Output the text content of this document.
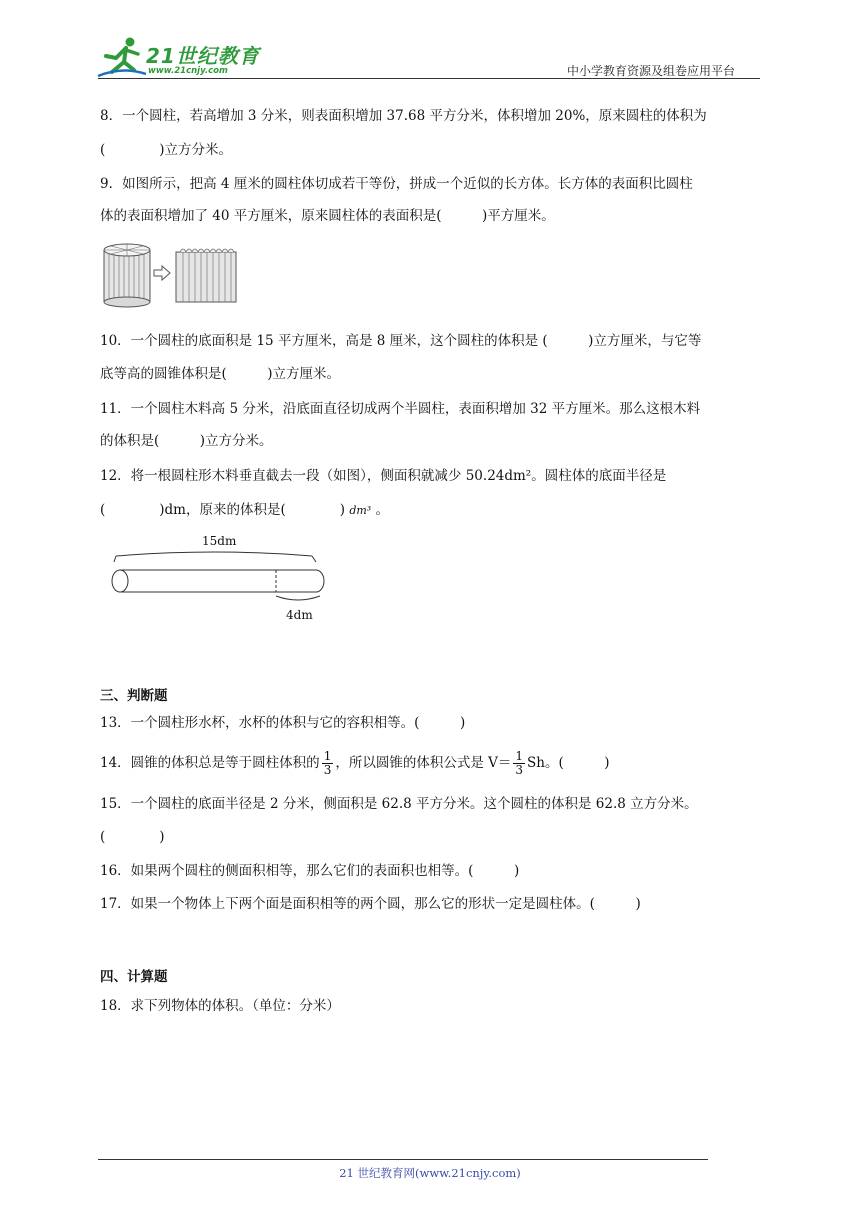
21世纪教育
www.21cnjy.com	中小学教育资源及组卷应用平台
8．一个圆柱，若高增加 3 分米，则表面积增加 37.68 平方分米，体积增加 20%，原来圆柱的体积为
(　　　　)立方分米。
9．如图所示，把高 4 厘米的圆柱体切成若干等份，拼成一个近似的长方体。长方体的表面积比圆柱
体的表面积增加了 40 平方厘米，原来圆柱体的表面积是(　　　)平方厘米。
10．一个圆柱的底面积是 15 平方厘米，高是 8 厘米，这个圆柱的体积是 (　　　)立方厘米，与它等
底等高的圆锥体积是(　　　)立方厘米。
11．一个圆柱木料高 5 分米，沿底面直径切成两个半圆柱，表面积增加 32 平方厘米。那么这根木料
的体积是(　　　)立方分米。
12．将一根圆柱形木料垂直截去一段（如图），侧面积就减少 50.24dm²。圆柱体的底面半径是
(　　　　)dm，原来的体积是(　　　　) dm³ 。
15dm
4dm
三、判断题
13．一个圆柱形水杯，水杯的体积与它的容积相等。(　　　)
14．圆锥的体积总是等于圆柱体积的 $\frac{1}{3}$ ，所以圆锥的体积公式是 $V= \frac{1}{3}$ Sh。(　　　)
15．一个圆柱的底面半径是 2 分米，侧面积是 62.8 平方分米。这个圆柱的体积是 62.8 立方分米。
(　　　　)
16．如果两个圆柱的侧面积相等，那么它们的表面积也相等。(　　　)
17．如果一个物体上下两个面是面积相等的两个圆，那么它的形状一定是圆柱体。(　　　)
四、计算题
18．求下列物体的体积。（单位：分米）
21 世纪教育网(www.21cnjy.com)
